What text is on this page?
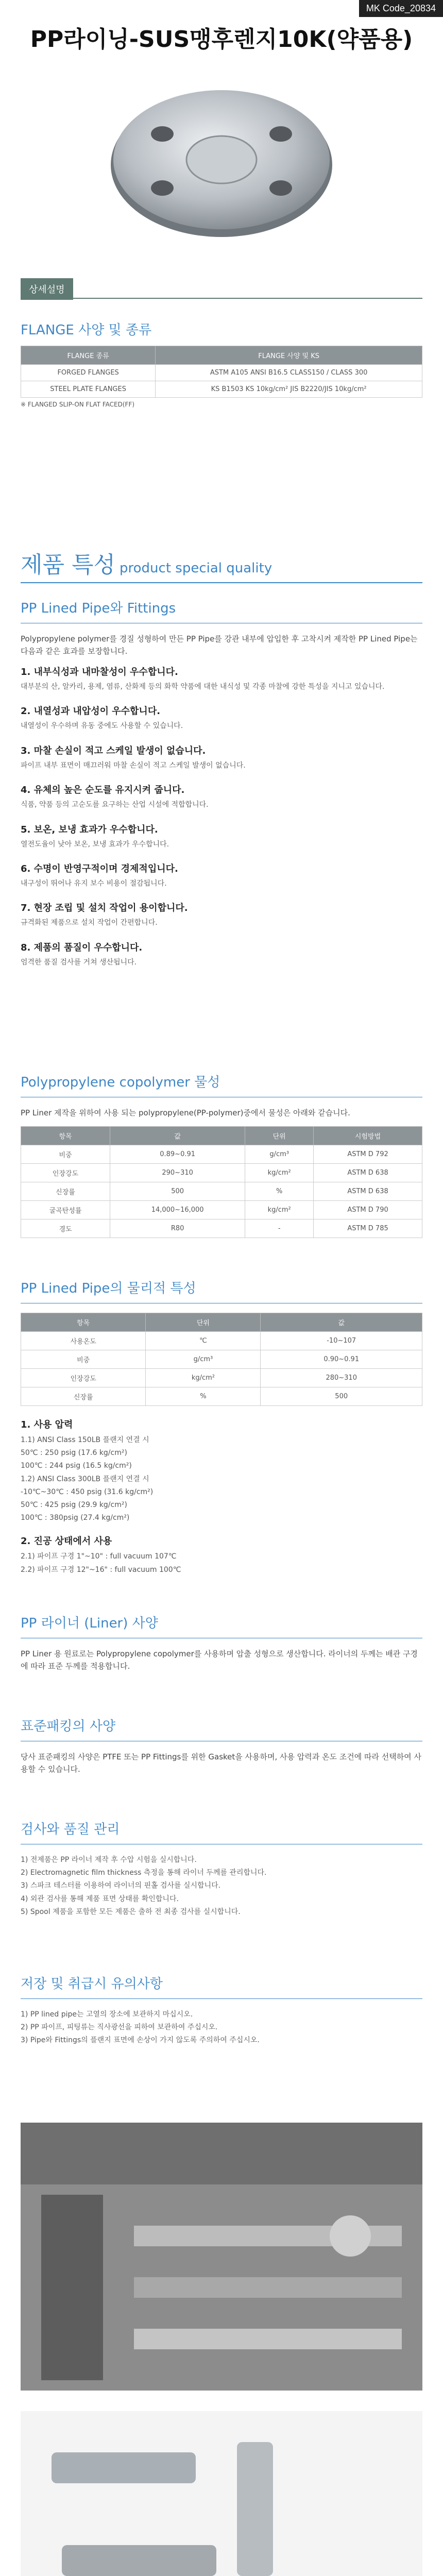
MK Code_20834
PP라이닝-SUS맹후렌지10K(약품용)
상세설명
FLANGE 사양 및 종류
FLANGE 종류	FLANGE 사양 및 KS
FORGED FLANGES	ASTM A105 ANSI B16.5 CLASS150 / CLASS 300
STEEL PLATE FLANGES	KS B1503 KS 10kg/cm² JIS B2220/JIS 10kg/cm²
※ FLANGED SLIP-ON FLAT FACED(FF)
제품 특성 product special quality
PP Lined Pipe와 Fittings

Polypropylene polymer를 경질 성형하여 만든 PP Pipe를 강관 내부에 압입한 후 고착시켜 제작한 PP Lined Pipe는 다음과 같은 효과를 보장합니다.

1. 내부식성과 내마찰성이 우수합니다.

대부분의 산, 알카리, 용제, 염류, 산화제 등의 화학 약품에 대한 내식성 및 각종 마찰에 강한 특성을 지니고 있습니다.

2. 내열성과 내압성이 우수합니다.

내열성이 우수하며 유동 중에도 사용할 수 있습니다.

3. 마찰 손실이 적고 스케일 발생이 없습니다.

파이프 내부 표면이 매끄러워 마찰 손실이 적고 스케일 발생이 없습니다.

4. 유체의 높은 순도를 유지시켜 줍니다.

식품, 약품 등의 고순도를 요구하는 산업 시설에 적합합니다.

5. 보온, 보냉 효과가 우수합니다.

열전도율이 낮아 보온, 보냉 효과가 우수합니다.

6. 수명이 반영구적이며 경제적입니다.

내구성이 뛰어나 유지 보수 비용이 절감됩니다.

7. 현장 조립 및 설치 작업이 용이합니다.

규격화된 제품으로 설치 작업이 간편합니다.

8. 제품의 품질이 우수합니다.

엄격한 품질 검사를 거쳐 생산됩니다.

Polypropylene copolymer 물성

PP Liner 제작을 위하여 사용 되는 polypropylene(PP-polymer)중에서 물성은 아래와 같습니다.

항목	값	단위	시험방법
비중	0.89~0.91	g/cm³	ASTM D 792
인장강도	290~310	kg/cm²	ASTM D 638
신장률	500	%	ASTM D 638
굴곡탄성률	14,000~16,000	kg/cm²	ASTM D 790
경도	R80	-	ASTM D 785
PP Lined Pipe의 물리적 특성
항목	단위	값
사용온도	℃	-10~107
비중	g/cm³	0.90~0.91
인장강도	kg/cm²	280~310
신장률	%	500

1. 사용 압력

1.1) ANSI Class 150LB 플랜지 연결 시
50℃ : 250 psig (17.6 kg/cm²)
100℃ : 244 psig (16.5 kg/cm²)
1.2) ANSI Class 300LB 플랜지 연결 시
-10℃~30℃ : 450 psig (31.6 kg/cm²)
50℃ : 425 psig (29.9 kg/cm²)
100℃ : 380psig (27.4 kg/cm²)

2. 진공 상태에서 사용

2.1) 파이프 구경 1"~10" : full vacuum 107℃
2.2) 파이프 구경 12"~16" : full vacuum 100℃
PP 라이너 (Liner) 사양

PP Liner 용 원료로는 Polypropylene copolymer를 사용하며 압출 성형으로 생산합니다. 라이너의 두께는 배관 구경에 따라 표준 두께를 적용합니다.

표준패킹의 사양

당사 표준패킹의 사양은 PTFE 또는 PP Fittings를 위한 Gasket을 사용하며, 사용 압력과 온도 조건에 따라 선택하여 사용할 수 있습니다.

검사와 품질 관리
1) 전제품은 PP 라이너 제작 후 수압 시험을 실시합니다.
2) Electromagnetic film thickness 측정을 통해 라이너 두께를 관리합니다.
3) 스파크 테스터를 이용하여 라이너의 핀홀 검사를 실시합니다.
4) 외관 검사를 통해 제품 표면 상태를 확인합니다.
5) Spool 제품을 포함한 모든 제품은 출하 전 최종 검사를 실시합니다.
저장 및 취급시 유의사항
1) PP lined pipe는 고열의 장소에 보관하지 마십시오.
2) PP 파이프, 피팅류는 직사광선을 피하여 보관하여 주십시오.
3) Pipe와 Fittings의 플랜지 표면에 손상이 가지 않도록 주의하여 주십시오.
